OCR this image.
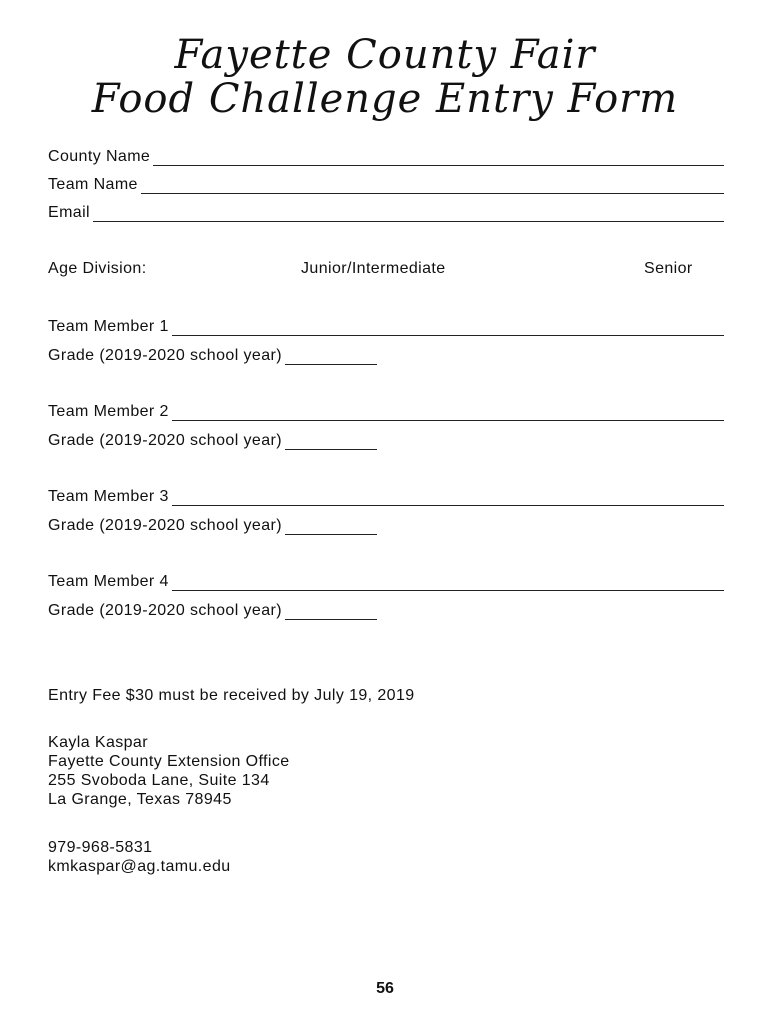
Fayette County Fair
Food Challenge Entry Form
County Name
Team Name
Email
Age Division:	Junior/Intermediate	Senior
Team Member 1
Grade (2019-2020 school year)
Team Member 2
Grade (2019-2020 school year)
Team Member 3
Grade (2019-2020 school year)
Team Member 4
Grade (2019-2020 school year)
Entry Fee $30 must be received by July 19, 2019
Kayla Kaspar
Fayette County Extension Office
255 Svoboda Lane, Suite 134
La Grange, Texas 78945
979-968-5831
kmkaspar@ag.tamu.edu
56
